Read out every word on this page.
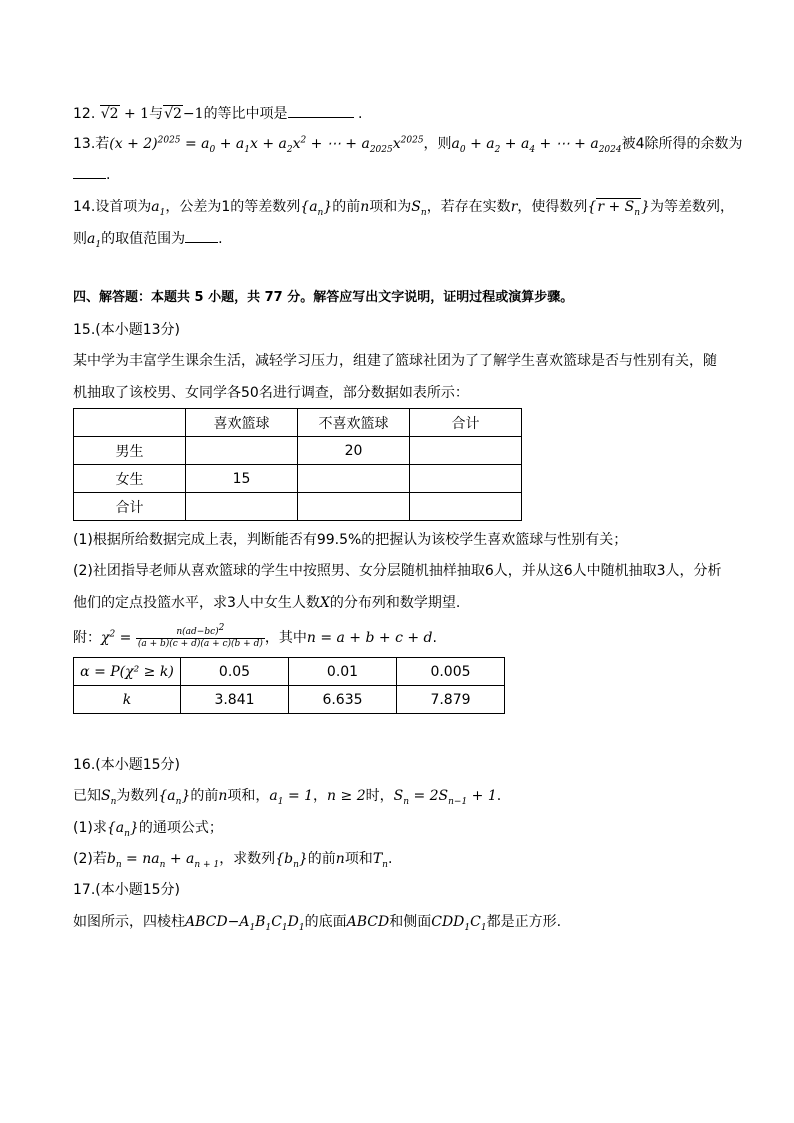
12. √2 + 1与√2−1的等比中项是	.
13.若$(x + 2)^{2025} = a_0 + a_1x + a_2x^2$ + ⋯ + $a_{2025}x^{2025}$，则$a_0 + a_2 + a_4$ + ⋯ + $a_{2024}$被4除所得的余数为
.
14.设首项为$a_1$，公差为1的等差数列$\{a_n\}$的前n项和为$S_n$，若存在实数r，使得数列$\{r + S_n\}$为等差数列，
则$a_1$的取值范围为 .
四、解答题：本题共 5 小题，共 77 分。解答应写出文字说明，证明过程或演算步骤。
15.(本小题13分)
某中学为丰富学生课余生活，减轻学习压力，组建了篮球社团为了了解学生喜欢篮球是否与性别有关，随
机抽取了该校男、女同学各50名进行调查，部分数据如表所示：
	喜欢篮球	不喜欢篮球	合计
男生		20	
女生	15		
合计			
(1)根据所给数据完成上表，判断能否有99.5%的把握认为该校学生喜欢篮球与性别有关；
(2)社团指导老师从喜欢篮球的学生中按照男、女分层随机抽样抽取6人，并从这6人中随机抽取3人，分析
他们的定点投篮水平，求3人中女生人数X的分布列和数学期望.
附：$\chi^2 = \frac{n(ad-bc)^2}{(a + b)(c + d)(a + c)(b + d)}$ ，其中n = a + b + c + d.
α = P(χ² ≥ k)	0.05	0.01	0.005
k	3.841	6.635	7.879
16.(本小题15分)
已知$S_n$为数列$\{a_n\}$的前n项和，$a_1 = 1$，n ≥ 2时，$S_n = 2S_{n-1} + 1$.
(1)求$\{a_n\}$的通项公式；
(2)若$b_n = na_n + a_{n + 1}$，求数列$\{b_n\}$的前n项和$T_n$.
17.(本小题15分)
如图所示，四棱柱$ABCD-A_1B_1C_1D_1$的底面ABCD和侧面$CDD_1C_1$都是正方形.
